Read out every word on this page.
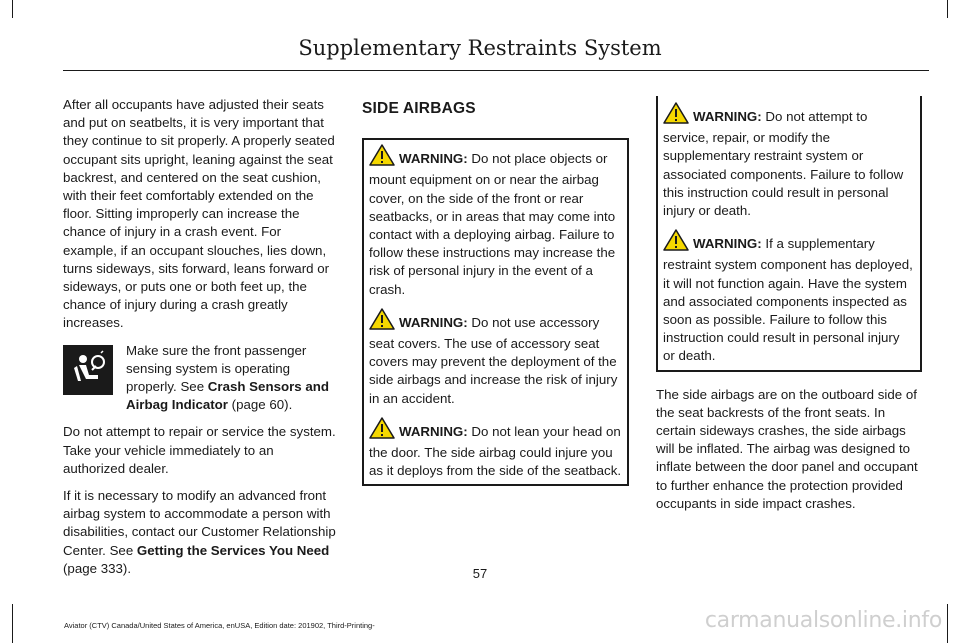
Supplementary Restraints System

After all occupants have adjusted their seats and put on seatbelts, it is very important that they continue to sit properly. A properly seated occupant sits upright, leaning against the seat backrest, and centered on the seat cushion, with their feet comfortably extended on the floor. Sitting improperly can increase the chance of injury in a crash event. For example, if an occupant slouches, lies down, turns sideways, sits forward, leans forward or sideways, or puts one or both feet up, the chance of injury during a crash greatly increases.

Make sure the front passenger sensing system is operating properly. See Crash Sensors and Airbag Indicator (page 60).

Do not attempt to repair or service the system. Take your vehicle immediately to an authorized dealer.

If it is necessary to modify an advanced front airbag system to accommodate a person with disabilities, contact our Customer Relationship Center. See Getting the Services You Need (page 333).

SIDE AIRBAGS

WARNING: Do not place objects or mount equipment on or near the airbag cover, on the side of the front or rear seatbacks, or in areas that may come into contact with a deploying airbag. Failure to follow these instructions may increase the risk of personal injury in the event of a crash.

WARNING: Do not use accessory seat covers. The use of accessory seat covers may prevent the deployment of the side airbags and increase the risk of injury in an accident.

WARNING: Do not lean your head on the door. The side airbag could injure you as it deploys from the side of the seatback.

WARNING: Do not attempt to service, repair, or modify the supplementary restraint system or associated components. Failure to follow this instruction could result in personal injury or death.

WARNING: If a supplementary restraint system component has deployed, it will not function again. Have the system and associated components inspected as soon as possible. Failure to follow this instruction could result in personal injury or death.

The side airbags are on the outboard side of the seat backrests of the front seats. In certain sideways crashes, the side airbags will be inflated. The airbag was designed to inflate between the door panel and occupant to further enhance the protection provided occupants in side impact crashes.

57
Aviator (CTV) Canada/United States of America, enUSA, Edition date: 201902, Third-Printing-	carmanualsonline.info
